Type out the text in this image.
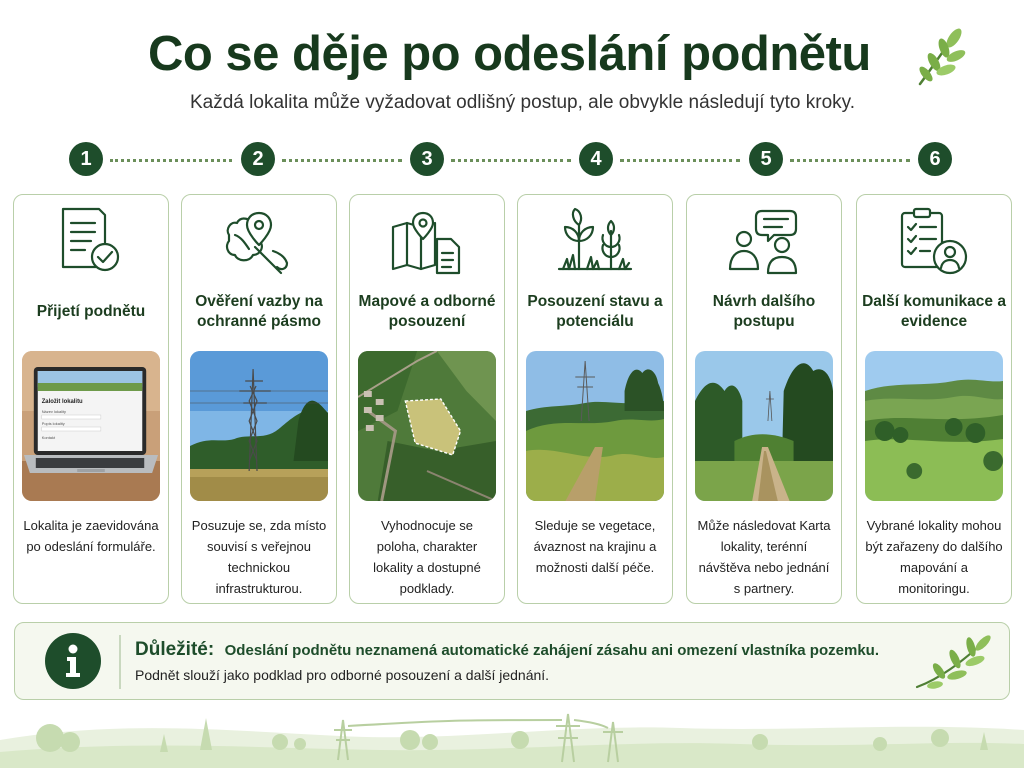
Co se děje po odeslání podnětu
Každá lokalita může vyžadovat odlišný postup, ale obvykle následují tyto kroky.
1	2	3	4	5	6
Přijetí podnětu
Založit lokalitu
Název lokality
Popis lokality
Kontakt
Lokalita je zaevidována po odeslání formuláře.
Ověření vazby na ochranné pásmo
Posuzuje se, zda místo souvisí s veřejnou technickou infrastrukturou.
Mapové a odborné posouzení
Vyhodnocuje se poloha, charakter lokality a dostupné podklady.
Posouzení stavu a potenciálu
Sleduje se vegetace, ávaznost na krajinu a možnosti další péče.
Návrh dalšího postupu
Může následovat Karta lokality, terénní návštěva nebo jednání s partnery.
Další komunikace a evidence
Vybrané lokality mohou být zařazeny do dalšího mapování a monitoringu.
Důležité: Odeslání podnětu neznamená automatické zahájení zásahu ani omezení vlastníka pozemku.
Podnět slouží jako podklad pro odborné posouzení a další jednání.
